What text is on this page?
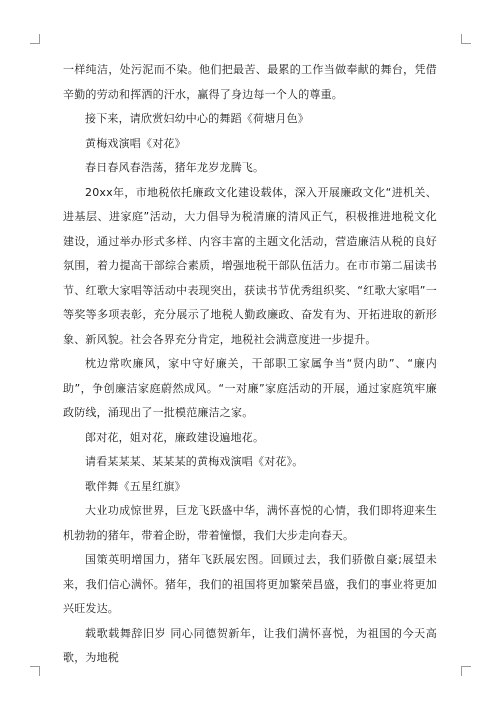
一样纯洁，处污泥而不染。他们把最苦、最累的工作当做奉献的舞台，凭借辛勤的劳动和挥洒的汗水，赢得了身边每一个人的尊重。

接下来，请欣赏妇幼中心的舞蹈《荷塘月色》

黄梅戏演唱《对花》

春日春风春浩荡，猪年龙岁龙腾飞。

20xx年，市地税依托廉政文化建设载体，深入开展廉政文化“进机关、进基层、进家庭”活动，大力倡导为税清廉的清风正气，积极推进地税文化建设，通过举办形式多样、内容丰富的主题文化活动，营造廉洁从税的良好氛围，着力提高干部综合素质，增强地税干部队伍活力。在市市第二届读书节、红歌大家唱等活动中表现突出，获读书节优秀组织奖、“红歌大家唱”一等奖等多项表彰，充分展示了地税人勤政廉政、奋发有为、开拓进取的新形象、新风貌。社会各界充分肯定，地税社会满意度进一步提升。

枕边常吹廉风，家中守好廉关，干部职工家属争当“贤内助”、“廉内助”，争创廉洁家庭蔚然成风。“一对廉”家庭活动的开展，通过家庭筑牢廉政防线，涌现出了一批模范廉洁之家。

郎对花，姐对花，廉政建设遍地花。

请看某某某、某某某的黄梅戏演唱《对花》。

歌伴舞《五星红旗》

大业功成惊世界，巨龙飞跃盛中华，满怀喜悦的心情，我们即将迎来生机勃勃的猪年，带着企盼，带着憧憬，我们大步走向春天。

国策英明增国力，猪年飞跃展宏图。回顾过去，我们骄傲自豪;展望未来，我们信心满怀。猪年，我们的祖国将更加繁荣昌盛，我们的事业将更加兴旺发达。

载歌载舞辞旧岁 同心同德贺新年，让我们满怀喜悦，为祖国的今天高歌，为地税
